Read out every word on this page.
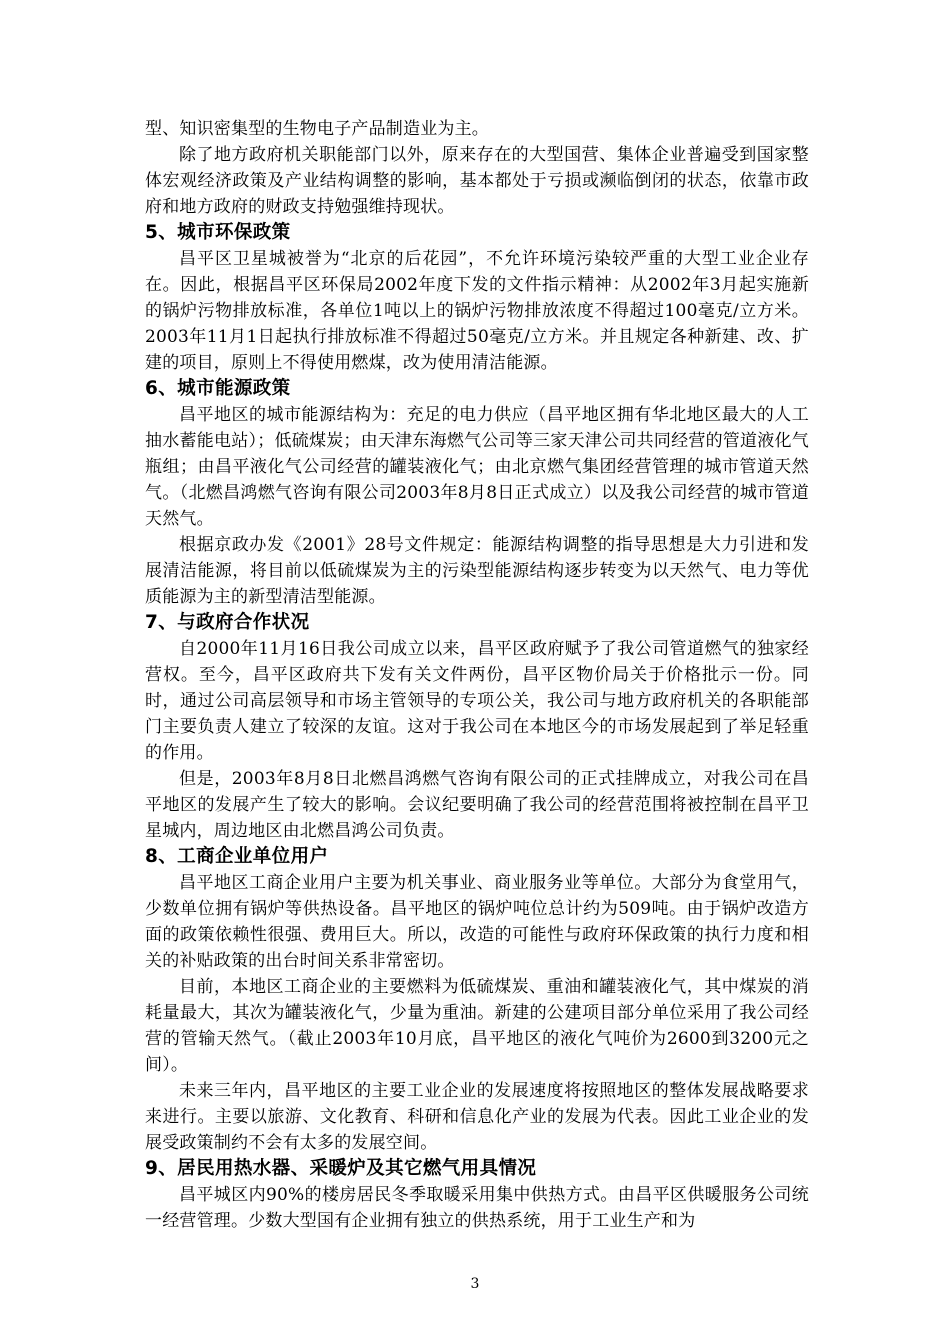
型、知识密集型的生物电子产品制造业为主。

除了地方政府机关职能部门以外，原来存在的大型国营、集体企业普遍受到国家整体宏观经济政策及产业结构调整的影响，基本都处于亏损或濒临倒闭的状态，依靠市政府和地方政府的财政支持勉强维持现状。

5、城市环保政策

昌平区卫星城被誉为“北京的后花园”，不允许环境污染较严重的大型工业企业存在。因此，根据昌平区环保局2002年度下发的文件指示精神：从2002年3月起实施新的锅炉污物排放标准，各单位1吨以上的锅炉污物排放浓度不得超过100毫克/立方米。2003年11月1日起执行排放标准不得超过50毫克/立方米。并且规定各种新建、改、扩建的项目，原则上不得使用燃煤，改为使用清洁能源。

6、城市能源政策

昌平地区的城市能源结构为：充足的电力供应（昌平地区拥有华北地区最大的人工抽水蓄能电站）；低硫煤炭；由天津东海燃气公司等三家天津公司共同经营的管道液化气瓶组；由昌平液化气公司经营的罐装液化气；由北京燃气集团经营管理的城市管道天然气。（北燃昌鸿燃气咨询有限公司2003年8月8日正式成立）以及我公司经营的城市管道天然气。

根据京政办发《2001》28号文件规定：能源结构调整的指导思想是大力引进和发展清洁能源，将目前以低硫煤炭为主的污染型能源结构逐步转变为以天然气、电力等优质能源为主的新型清洁型能源。

7、与政府合作状况

自2000年11月16日我公司成立以来，昌平区政府赋予了我公司管道燃气的独家经营权。至今，昌平区政府共下发有关文件两份，昌平区物价局关于价格批示一份。同时，通过公司高层领导和市场主管领导的专项公关，我公司与地方政府机关的各职能部门主要负责人建立了较深的友谊。这对于我公司在本地区今的市场发展起到了举足轻重的作用。

但是，2003年8月8日北燃昌鸿燃气咨询有限公司的正式挂牌成立，对我公司在昌平地区的发展产生了较大的影响。会议纪要明确了我公司的经营范围将被控制在昌平卫星城内，周边地区由北燃昌鸿公司负责。

8、工商企业单位用户

昌平地区工商企业用户主要为机关事业、商业服务业等单位。大部分为食堂用气，少数单位拥有锅炉等供热设备。昌平地区的锅炉吨位总计约为509吨。由于锅炉改造方面的政策依赖性很强、费用巨大。所以，改造的可能性与政府环保政策的执行力度和相关的补贴政策的出台时间关系非常密切。

目前，本地区工商企业的主要燃料为低硫煤炭、重油和罐装液化气，其中煤炭的消耗量最大，其次为罐装液化气，少量为重油。新建的公建项目部分单位采用了我公司经营的管输天然气。（截止2003年10月底，昌平地区的液化气吨价为2600到3200元之间）。

未来三年内，昌平地区的主要工业企业的发展速度将按照地区的整体发展战略要求来进行。主要以旅游、文化教育、科研和信息化产业的发展为代表。因此工业企业的发展受政策制约不会有太多的发展空间。

9、居民用热水器、采暖炉及其它燃气用具情况

昌平城区内90%的楼房居民冬季取暖采用集中供热方式。由昌平区供暖服务公司统一经营管理。少数大型国有企业拥有独立的供热系统，用于工业生产和为

3
